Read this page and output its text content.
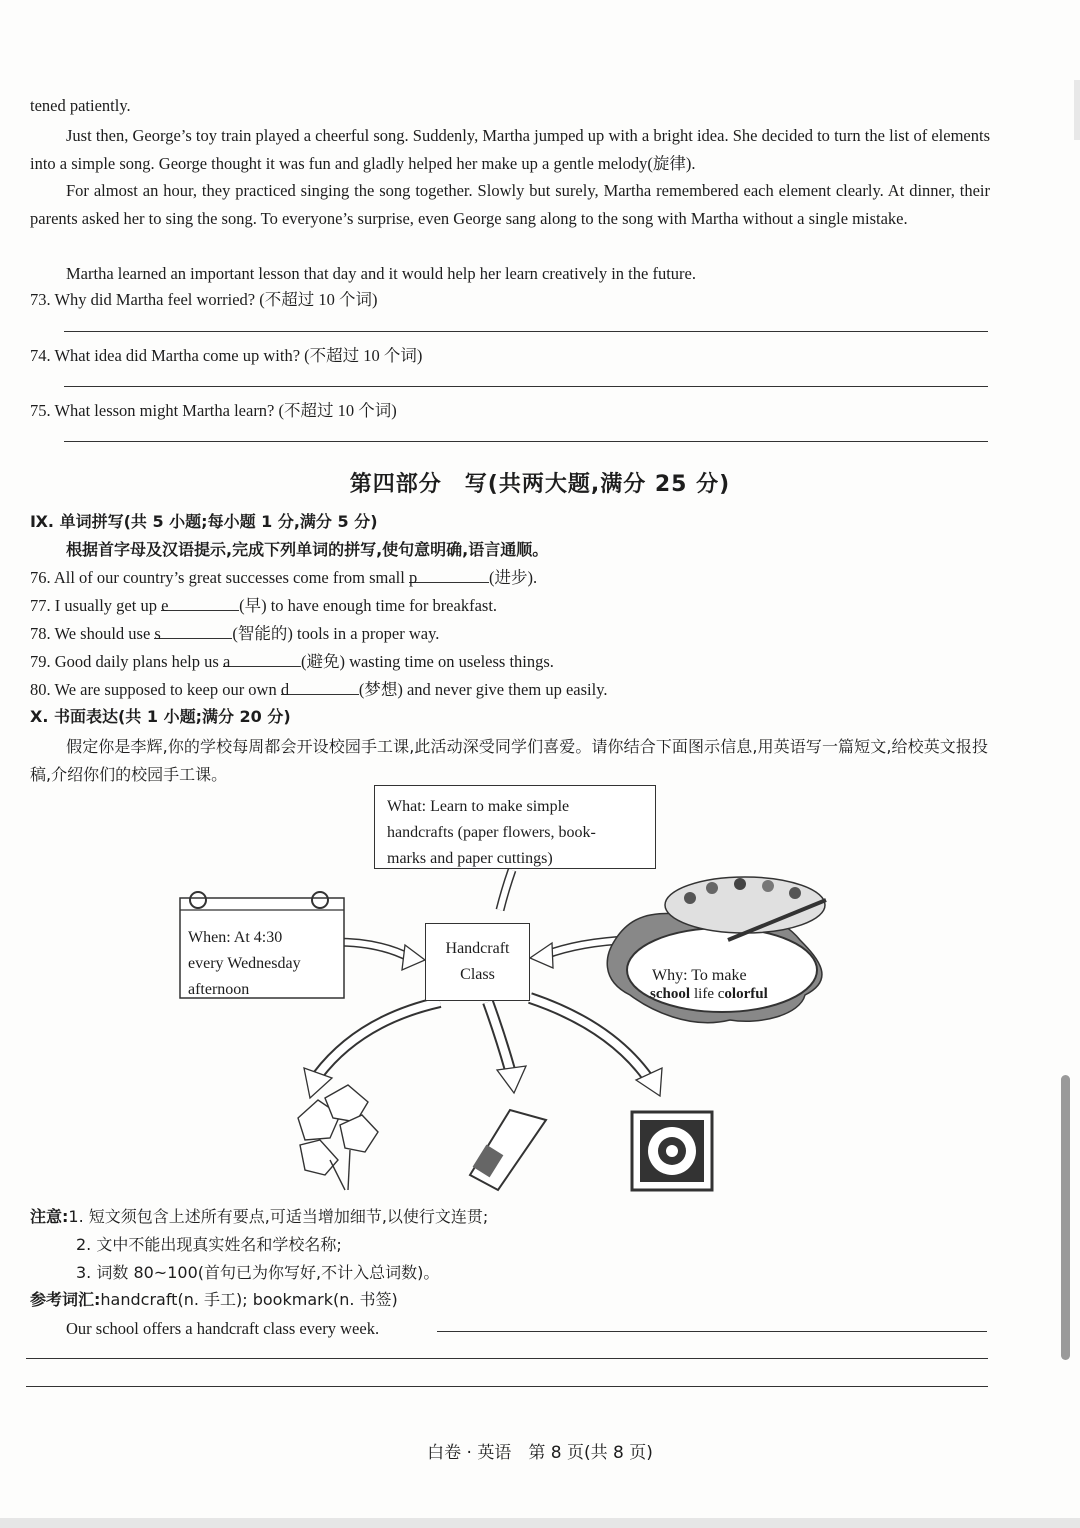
tened patiently.
Just then, George’s toy train played a cheerful song. Suddenly, Martha jumped up with a bright idea. She decided to turn the list of elements into a simple song. George thought it was fun and gladly helped her make up a gentle melody(旋律).
For almost an hour, they practiced singing the song together. Slowly but surely, Martha remembered each element clearly. At dinner, their parents asked her to sing the song. To everyone’s surprise, even George sang along to the song with Martha without a single mistake.
Martha learned an important lesson that day and it would help her learn creatively in the future.
73. Why did Martha feel worried? (不超过 10 个词)
74. What idea did Martha come up with? (不超过 10 个词)
75. What lesson might Martha learn? (不超过 10 个词)
第四部分　写(共两大题,满分 25 分)
Ⅸ. 单词拼写(共 5 小题;每小题 1 分,满分 5 分)
根据首字母及汉语提示,完成下列单词的拼写,使句意明确,语言通顺。
76. All of our country’s great successes come from small p	(进步).
77. I usually get up e	(早) to have enough time for breakfast.
78. We should use s	(智能的) tools in a proper way.
79. Good daily plans help us a	(避免) wasting time on useless things.
80. We are supposed to keep our own d	(梦想) and never give them up easily.
Ⅹ. 书面表达(共 1 小题;满分 20 分)
假定你是李辉,你的学校每周都会开设校园手工课,此活动深受同学们喜爱。请你结合下面图示信息,用英语写一篇短文,给校英文报投稿,介绍你们的校园手工课。
What: Learn to make simple
handcrafts (paper flowers, book-
marks and paper cuttings)
When: At 4:30
every Wednesday
afternoon
Handcraft
Class	Why: To make
school life colorful
注意:1. 短文须包含上述所有要点,可适当增加细节,以使行文连贯;
2. 文中不能出现真实姓名和学校名称;
3. 词数 80~100(首句已为你写好,不计入总词数)。
参考词汇:handcraft(n. 手工); bookmark(n. 书签)
Our school offers a handcraft class every week.
白卷 · 英语　第 8 页(共 8 页)
